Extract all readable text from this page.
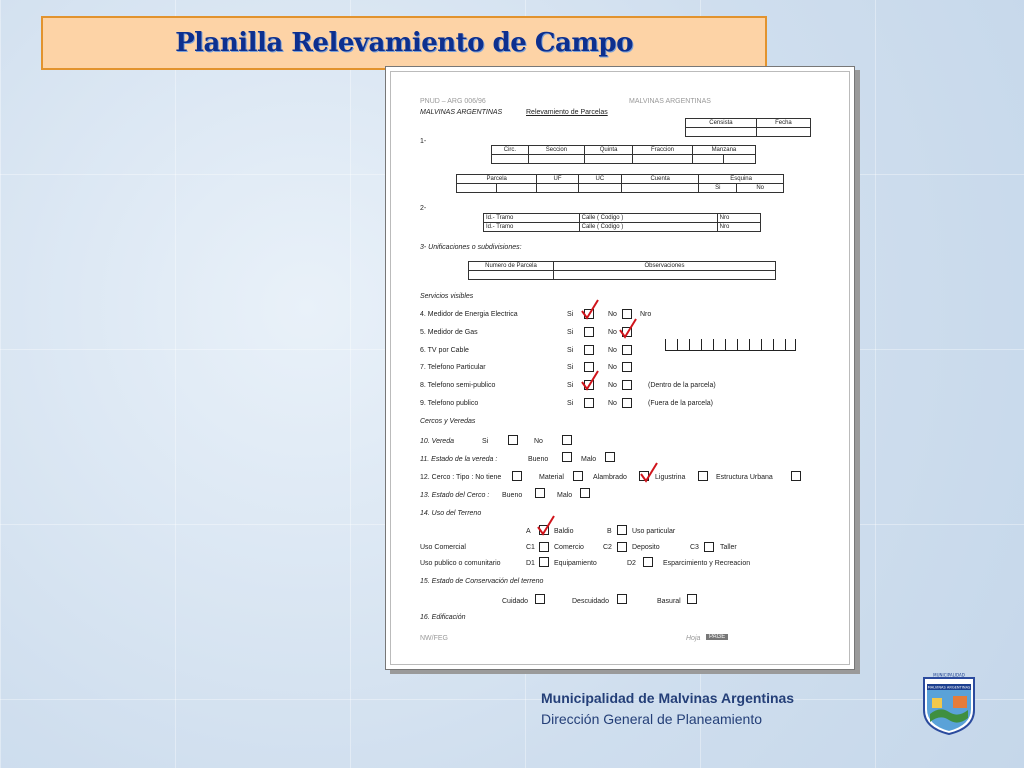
Planilla Relevamiento de Campo
PNUD – ARG 006/96	MALVINAS ARGENTINAS
MALVINAS ARGENTINAS	Relevamiento de Parcelas
Censista	Fecha

1-
Circ.	Seccion	Quinta	Fraccion	Manzana	

Parcela		UF	UC	Cuenta	Esquina	
					Si	No
2-
Id.- Tramo	Calle ( Codigo )	Nro
Id.- Tramo	Calle ( Codigo )	Nro
3- Unificaciones o subdivisiones:
Numero de Parcela	Observaciones

Servicios visibles
4. Medidor de Energia Electrica	Si	No	Nro
5. Medidor de Gas	Si	No
6. TV por Cable	Si	No
7. Telefono Particular	Si	No
8. Telefono semi-publico	Si	No	(Dentro de la parcela)
9. Telefono publico	Si	No	(Fuera de la parcela)
Cercos y Veredas
10. Vereda	Si	No
11. Estado de la vereda :	Bueno	Malo
12. Cerco : Tipo : No tiene	Material	Alambrado	Ligustrina	Estructura Urbana
13. Estado del Cerco : Bueno	Malo
14. Uso del Terreno
A	Baldio	B	Uso particular
Uso Comercial	C1	Comercio	C2	Deposito	C3	Taller
Uso publico o comunitario	D1	Equipamiento	D2	Esparcimiento y Recreacion
15. Estado de Conservación del terreno
Cuidado	Descuidado	Basural
16. Edificación
NW/FEG	Hoja	PAGE
Municipalidad de Malvinas Argentinas
Dirección General de Planeamiento
MUNICIPALIDAD
MALVINAS ARGENTINAS
